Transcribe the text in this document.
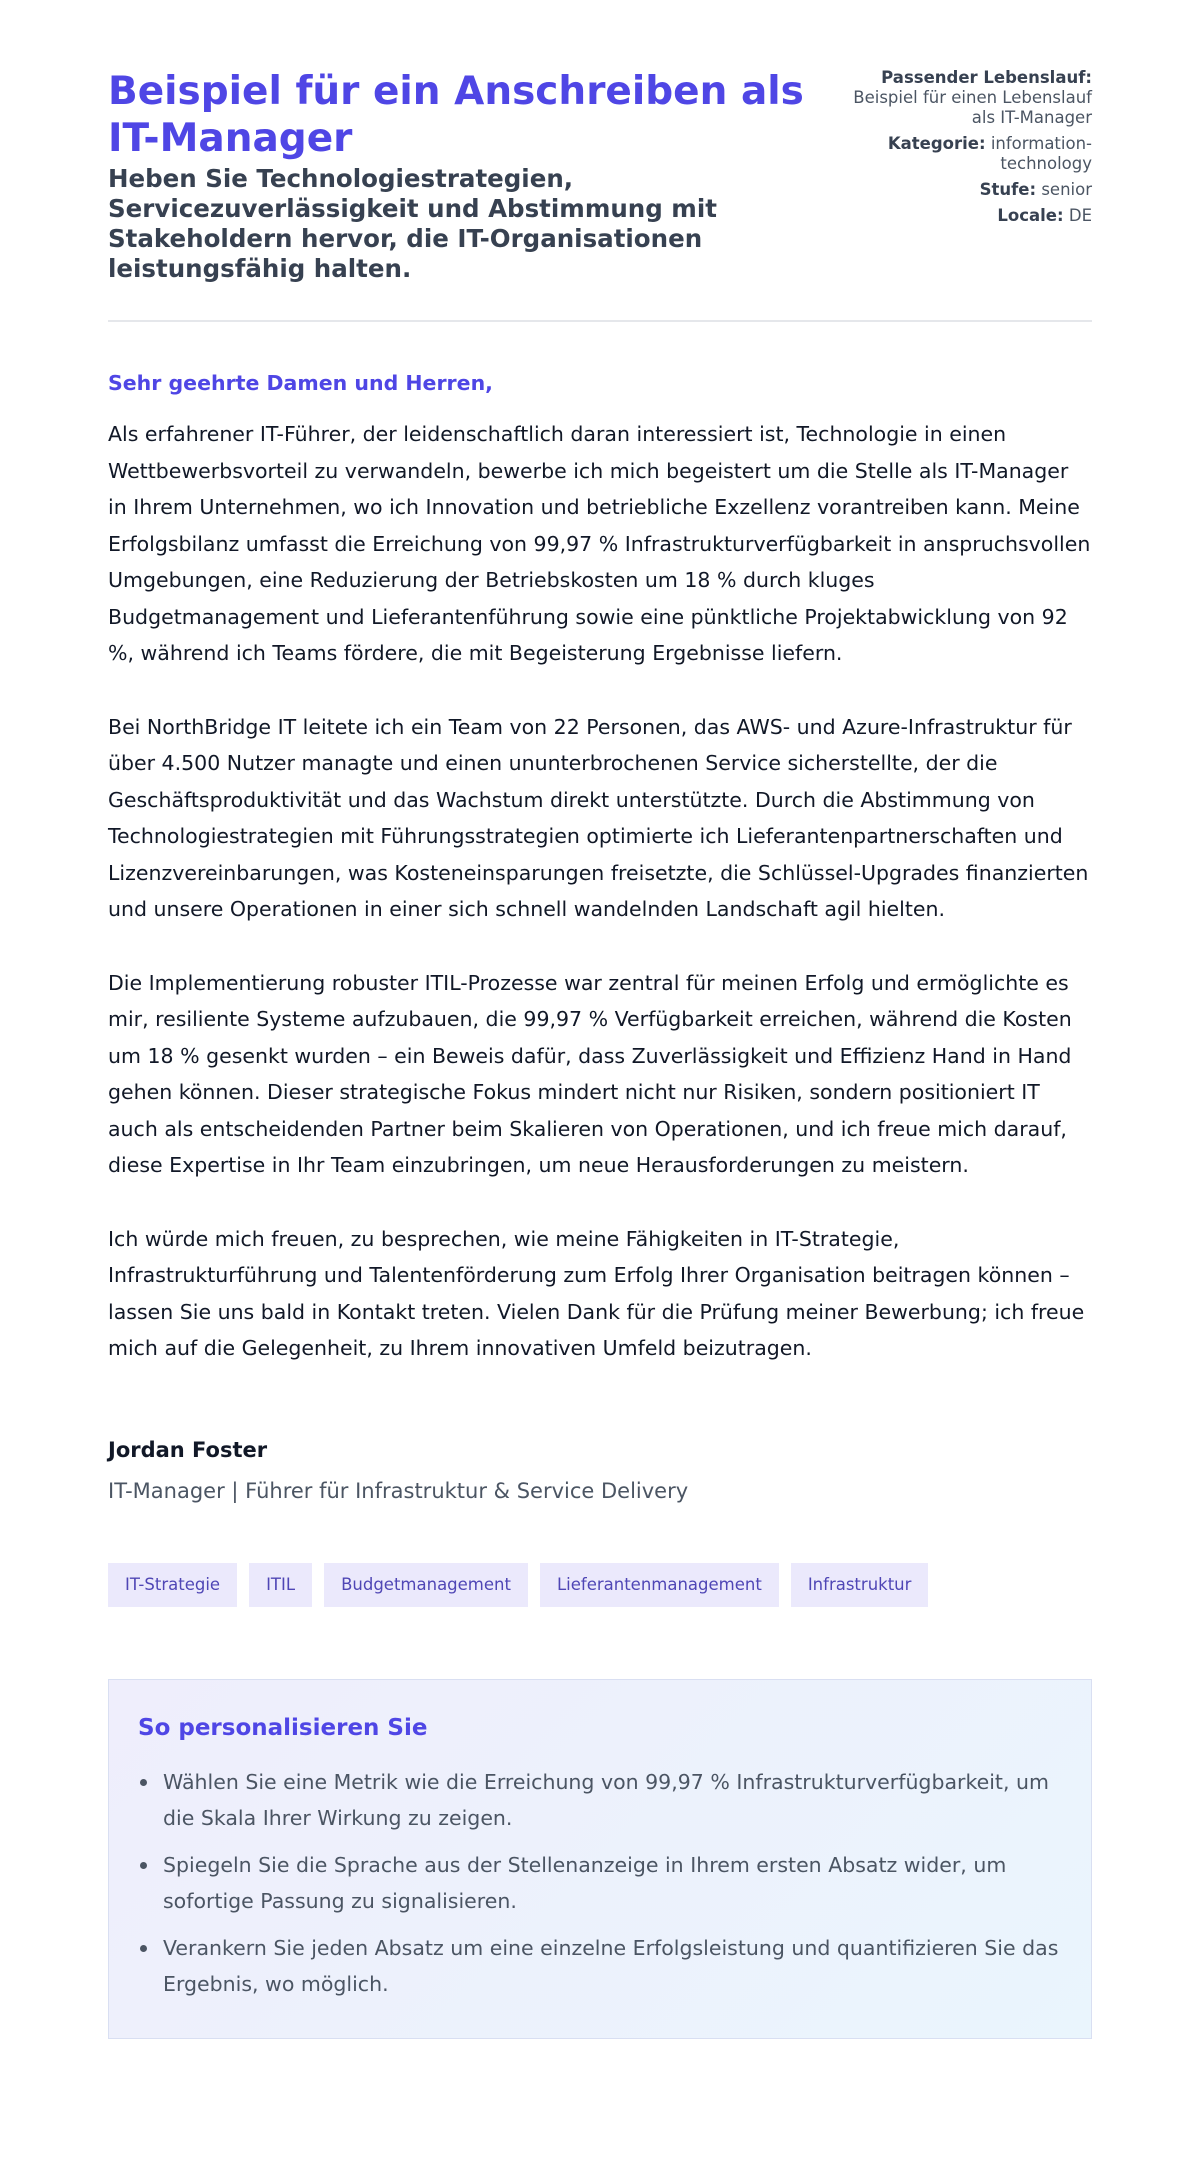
Beispiel für ein Anschreiben als IT-Manager
Heben Sie Technologiestrategien, Servicezuverlässigkeit und Abstimmung mit Stakeholdern hervor, die IT-Organisationen leistungsfähig halten.
Passender Lebenslauf: Beispiel für einen Lebenslauf als IT-Manager
Kategorie: information-technology
Stufe: senior
Locale: DE

Sehr geehrte Damen und Herren,

Als erfahrener IT-Führer, der leidenschaftlich daran interessiert ist, Technologie in einen Wettbewerbsvorteil zu verwandeln, bewerbe ich mich begeistert um die Stelle als IT-Manager in Ihrem Unternehmen, wo ich Innovation und betriebliche Exzellenz vorantreiben kann. Meine Erfolgsbilanz umfasst die Erreichung von 99,97 % Infrastrukturverfügbarkeit in anspruchsvollen Umgebungen, eine Reduzierung der Betriebskosten um 18 % durch kluges Budgetmanagement und Lieferantenführung sowie eine pünktliche Projektabwicklung von 92 %, während ich Teams fördere, die mit Begeisterung Ergebnisse liefern.

Bei NorthBridge IT leitete ich ein Team von 22 Personen, das AWS- und Azure-Infrastruktur für über 4.500 Nutzer managte und einen ununterbrochenen Service sicherstellte, der die Geschäftsproduktivität und das Wachstum direkt unterstützte. Durch die Abstimmung von Technologiestrategien mit Führungsstrategien optimierte ich Lieferantenpartnerschaften und Lizenzvereinbarungen, was Kosteneinsparungen freisetzte, die Schlüssel-Upgrades finanzierten und unsere Operationen in einer sich schnell wandelnden Landschaft agil hielten.

Die Implementierung robuster ITIL-Prozesse war zentral für meinen Erfolg und ermöglichte es mir, resiliente Systeme aufzubauen, die 99,97 % Verfügbarkeit erreichen, während die Kosten um 18 % gesenkt wurden – ein Beweis dafür, dass Zuverlässigkeit und Effizienz Hand in Hand gehen können. Dieser strategische Fokus mindert nicht nur Risiken, sondern positioniert IT auch als entscheidenden Partner beim Skalieren von Operationen, und ich freue mich darauf, diese Expertise in Ihr Team einzubringen, um neue Herausforderungen zu meistern.

Ich würde mich freuen, zu besprechen, wie meine Fähigkeiten in IT-Strategie, Infrastrukturführung und Talentenförderung zum Erfolg Ihrer Organisation beitragen können – lassen Sie uns bald in Kontakt treten. Vielen Dank für die Prüfung meiner Bewerbung; ich freue mich auf die Gelegenheit, zu Ihrem innovativen Umfeld beizutragen.

Jordan Foster
IT-Manager | Führer für Infrastruktur & Service Delivery
IT-Strategie	ITIL	Budgetmanagement	Lieferantenmanagement	Infrastruktur
So personalisieren Sie
Wählen Sie eine Metrik wie die Erreichung von 99,97 % Infrastrukturverfügbarkeit, um die Skala Ihrer Wirkung zu zeigen.
Spiegeln Sie die Sprache aus der Stellenanzeige in Ihrem ersten Absatz wider, um sofortige Passung zu signalisieren.
Verankern Sie jeden Absatz um eine einzelne Erfolgsleistung und quantifizieren Sie das Ergebnis, wo möglich.
